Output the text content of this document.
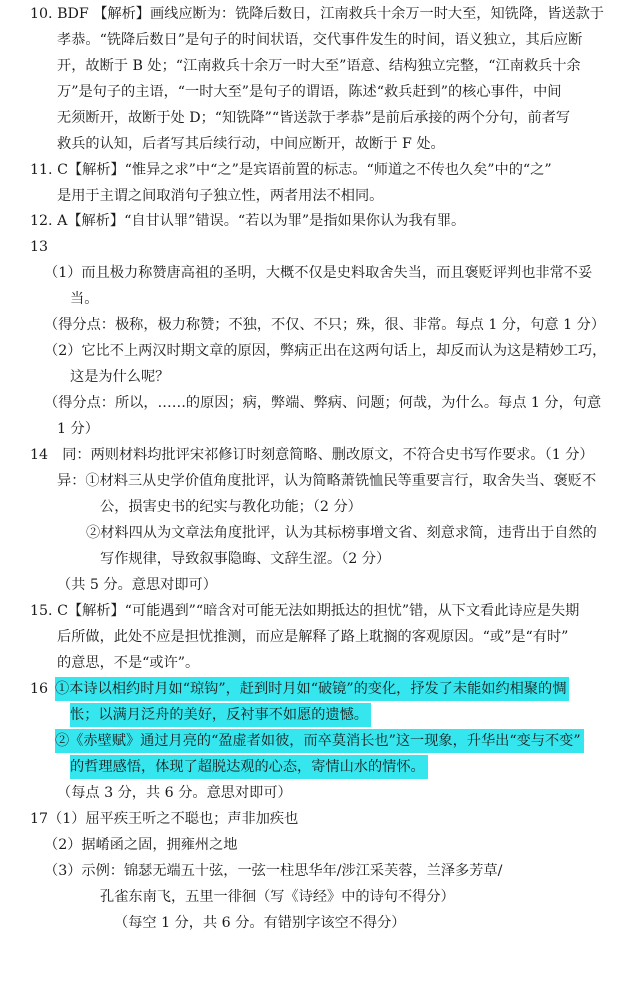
10. BDF 【解析】画线应断为：铣降后数日，江南救兵十余万一时大至，知铣降，皆送款于
孝恭。“铣降后数日”是句子的时间状语，交代事件发生的时间，语义独立，其后应断
开，故断于 B 处；“江南救兵十余万一时大至”语意、结构独立完整，“江南救兵十余
万”是句子的主语，“一时大至”是句子的谓语，陈述“救兵赶到”的核心事件，中间
无须断开，故断于处 D；“知铣降”“皆送款于孝恭”是前后承接的两个分句，前者写
救兵的认知，后者写其后续行动，中间应断开，故断于 F 处。
11. C【解析】“惟异之求”中“之”是宾语前置的标志。“师道之不传也久矣”中的“之”
是用于主谓之间取消句子独立性，两者用法不相同。
12. A【解析】“自甘认罪”错误。“若以为罪”是指如果你认为我有罪。
13
（1）而且极力称赞唐高祖的圣明，大概不仅是史料取舍失当，而且褒贬评判也非常不妥
当。
（得分点：极称，极力称赞；不独，不仅、不只；殊，很、非常。每点 1 分，句意 1 分）
（2）它比不上两汉时期文章的原因，弊病正出在这两句话上，却反而认为这是精妙工巧，
这是为什么呢？
（得分点：所以，……的原因；病，弊端、弊病、问题；何哉，为什么。每点 1 分，句意
1 分）
14　同：两则材料均批评宋祁修订时刻意简略、删改原文，不符合史书写作要求。（1 分）
异：①材料三从史学价值角度批评，认为简略萧铣恤民等重要言行，取舍失当、褒贬不
公，损害史书的纪实与教化功能；（2 分）
②材料四从为文章法角度批评，认为其标榜事增文省、刻意求简，违背出于自然的
写作规律，导致叙事隐晦、文辞生涩。（2 分）
（共 5 分。意思对即可）
15. C【解析】“可能遇到”“暗含对可能无法如期抵达的担忧”错，从下文看此诗应是失期
后所做，此处不应是担忧推测，而应是解释了路上耽搁的客观原因。“或”是“有时”
的意思，不是“或许”。
16 ①本诗以相约时月如“琼钩”，赶到时月如“破镜”的变化，抒发了未能如约相聚的惆
怅；以满月泛舟的美好，反衬事不如愿的遗憾。
②《赤壁赋》通过月亮的“盈虚者如彼，而卒莫消长也”这一现象，升华出“变与不变”
的哲理感悟，体现了超脱达观的心态，寄情山水的情怀。
（每点 3 分，共 6 分。意思对即可）
17（1）屈平疾王听之不聪也；声非加疾也
（2）据崤函之固，拥雍州之地
（3）示例：锦瑟无端五十弦，一弦一柱思华年/涉江采芙蓉，兰泽多芳草/
孔雀东南飞，五里一徘徊（写《诗经》中的诗句不得分）
（每空 1 分，共 6 分。有错别字该空不得分）
